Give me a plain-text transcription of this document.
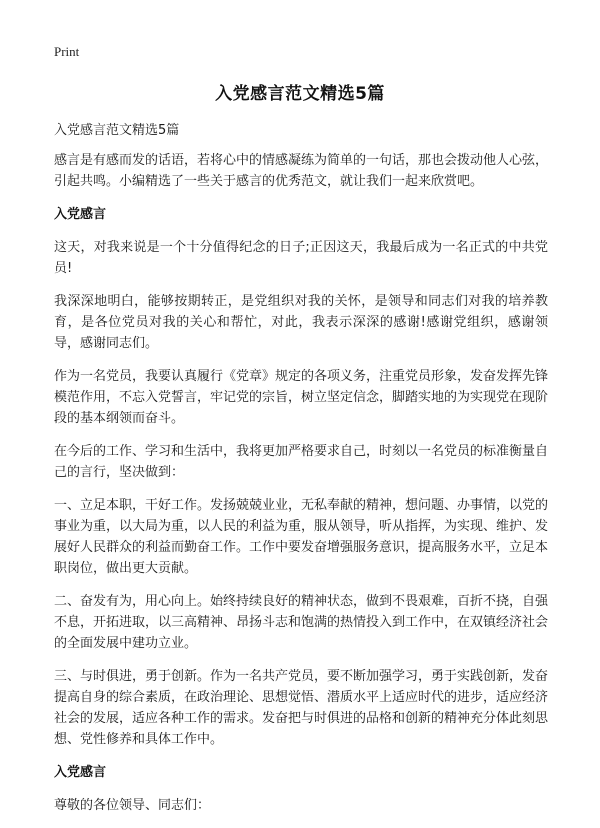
Print
入党感言范文精选5篇
入党感言范文精选5篇

感言是有感而发的话语，若将心中的情感凝练为简单的一句话，那也会拨动他人心弦，引起共鸣。小编精选了一些关于感言的优秀范文，就让我们一起来欣赏吧。

入党感言

这天，对我来说是一个十分值得纪念的日子;正因这天，我最后成为一名正式的中共党员!

我深深地明白，能够按期转正，是党组织对我的关怀，是领导和同志们对我的培养教育，是各位党员对我的关心和帮忙，对此，我表示深深的感谢!感谢党组织，感谢领导，感谢同志们。

作为一名党员，我要认真履行《党章》规定的各项义务，注重党员形象，发奋发挥先锋模范作用，不忘入党誓言，牢记党的宗旨，树立坚定信念，脚踏实地的为实现党在现阶段的基本纲领而奋斗。

在今后的工作、学习和生活中，我将更加严格要求自己，时刻以一名党员的标准衡量自己的言行，坚决做到：

一、立足本职，干好工作。发扬兢兢业业，无私奉献的精神，想问题、办事情，以党的事业为重，以大局为重，以人民的利益为重，服从领导，听从指挥，为实现、维护、发展好人民群众的利益而勤奋工作。工作中要发奋增强服务意识，提高服务水平，立足本职岗位，做出更大贡献。

二、奋发有为，用心向上。始终持续良好的精神状态，做到不畏艰难，百折不挠，自强不息，开拓进取，以三高精神、昂扬斗志和饱满的热情投入到工作中，在双镇经济社会的全面发展中建功立业。

三、与时俱进，勇于创新。作为一名共产党员，要不断加强学习，勇于实践创新，发奋提高自身的综合素质，在政治理论、思想觉悟、潜质水平上适应时代的进步，适应经济社会的发展，适应各种工作的需求。发奋把与时俱进的品格和创新的精神充分体此刻思想、党性修养和具体工作中。

入党感言

尊敬的各位领导、同志们：
